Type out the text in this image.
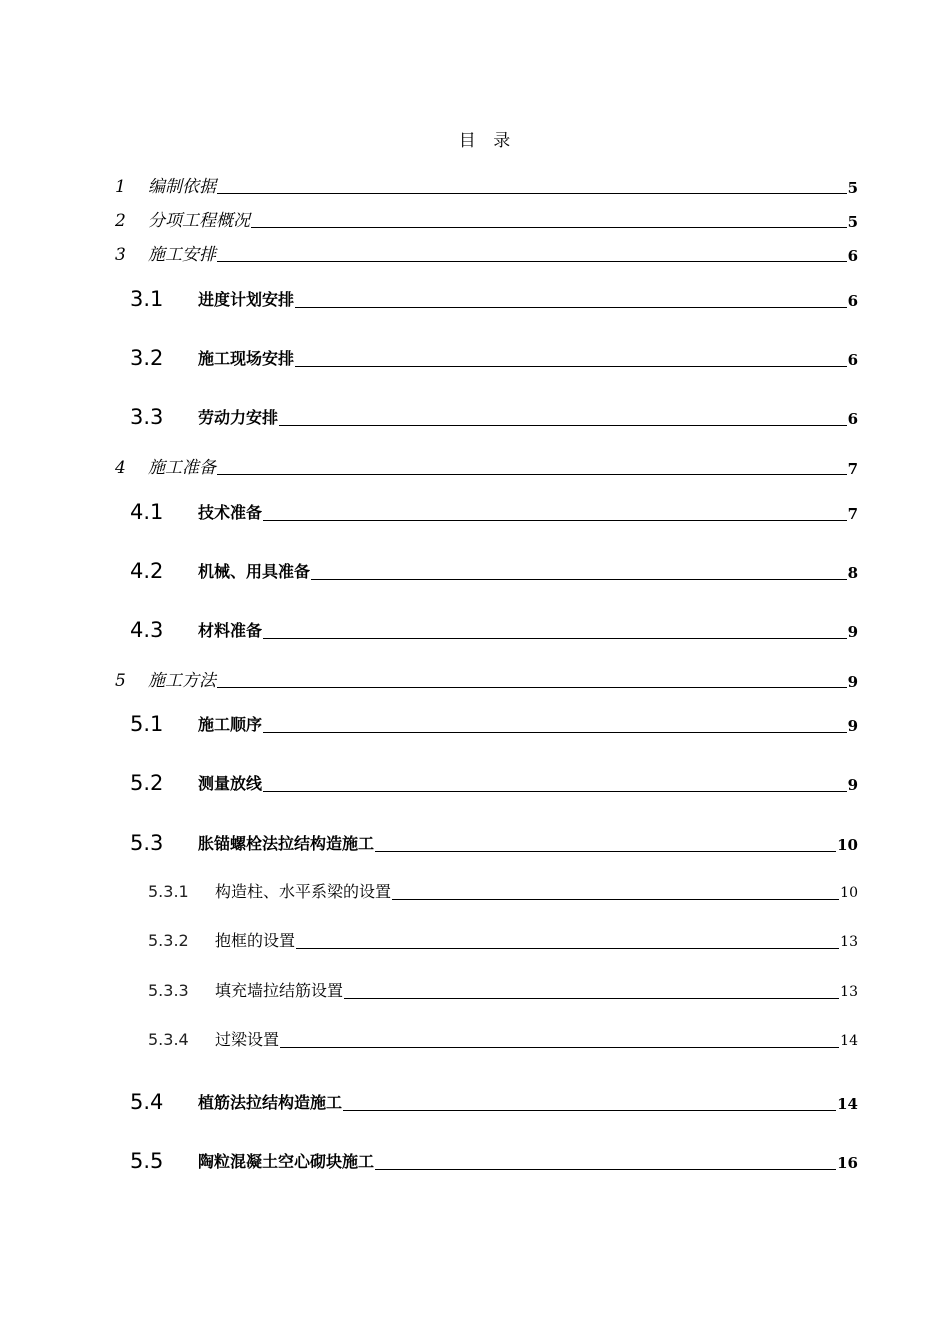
目 录
1	编制依据	5
2	分项工程概况	5
3	施工安排	6
3.1	进度计划安排	6
3.2	施工现场安排	6
3.3	劳动力安排	6
4	施工准备	7
4.1	技术准备	7
4.2	机械、用具准备	8
4.3	材料准备	9
5	施工方法	9
5.1	施工顺序	9
5.2	测量放线	9
5.3	胀锚螺栓法拉结构造施工	10
5.3.1	构造柱、水平系梁的设置	10
5.3.2	抱框的设置	13
5.3.3	填充墙拉结筋设置	13
5.3.4	过梁设置	14
5.4	植筋法拉结构造施工	14
5.5	陶粒混凝土空心砌块施工	16
